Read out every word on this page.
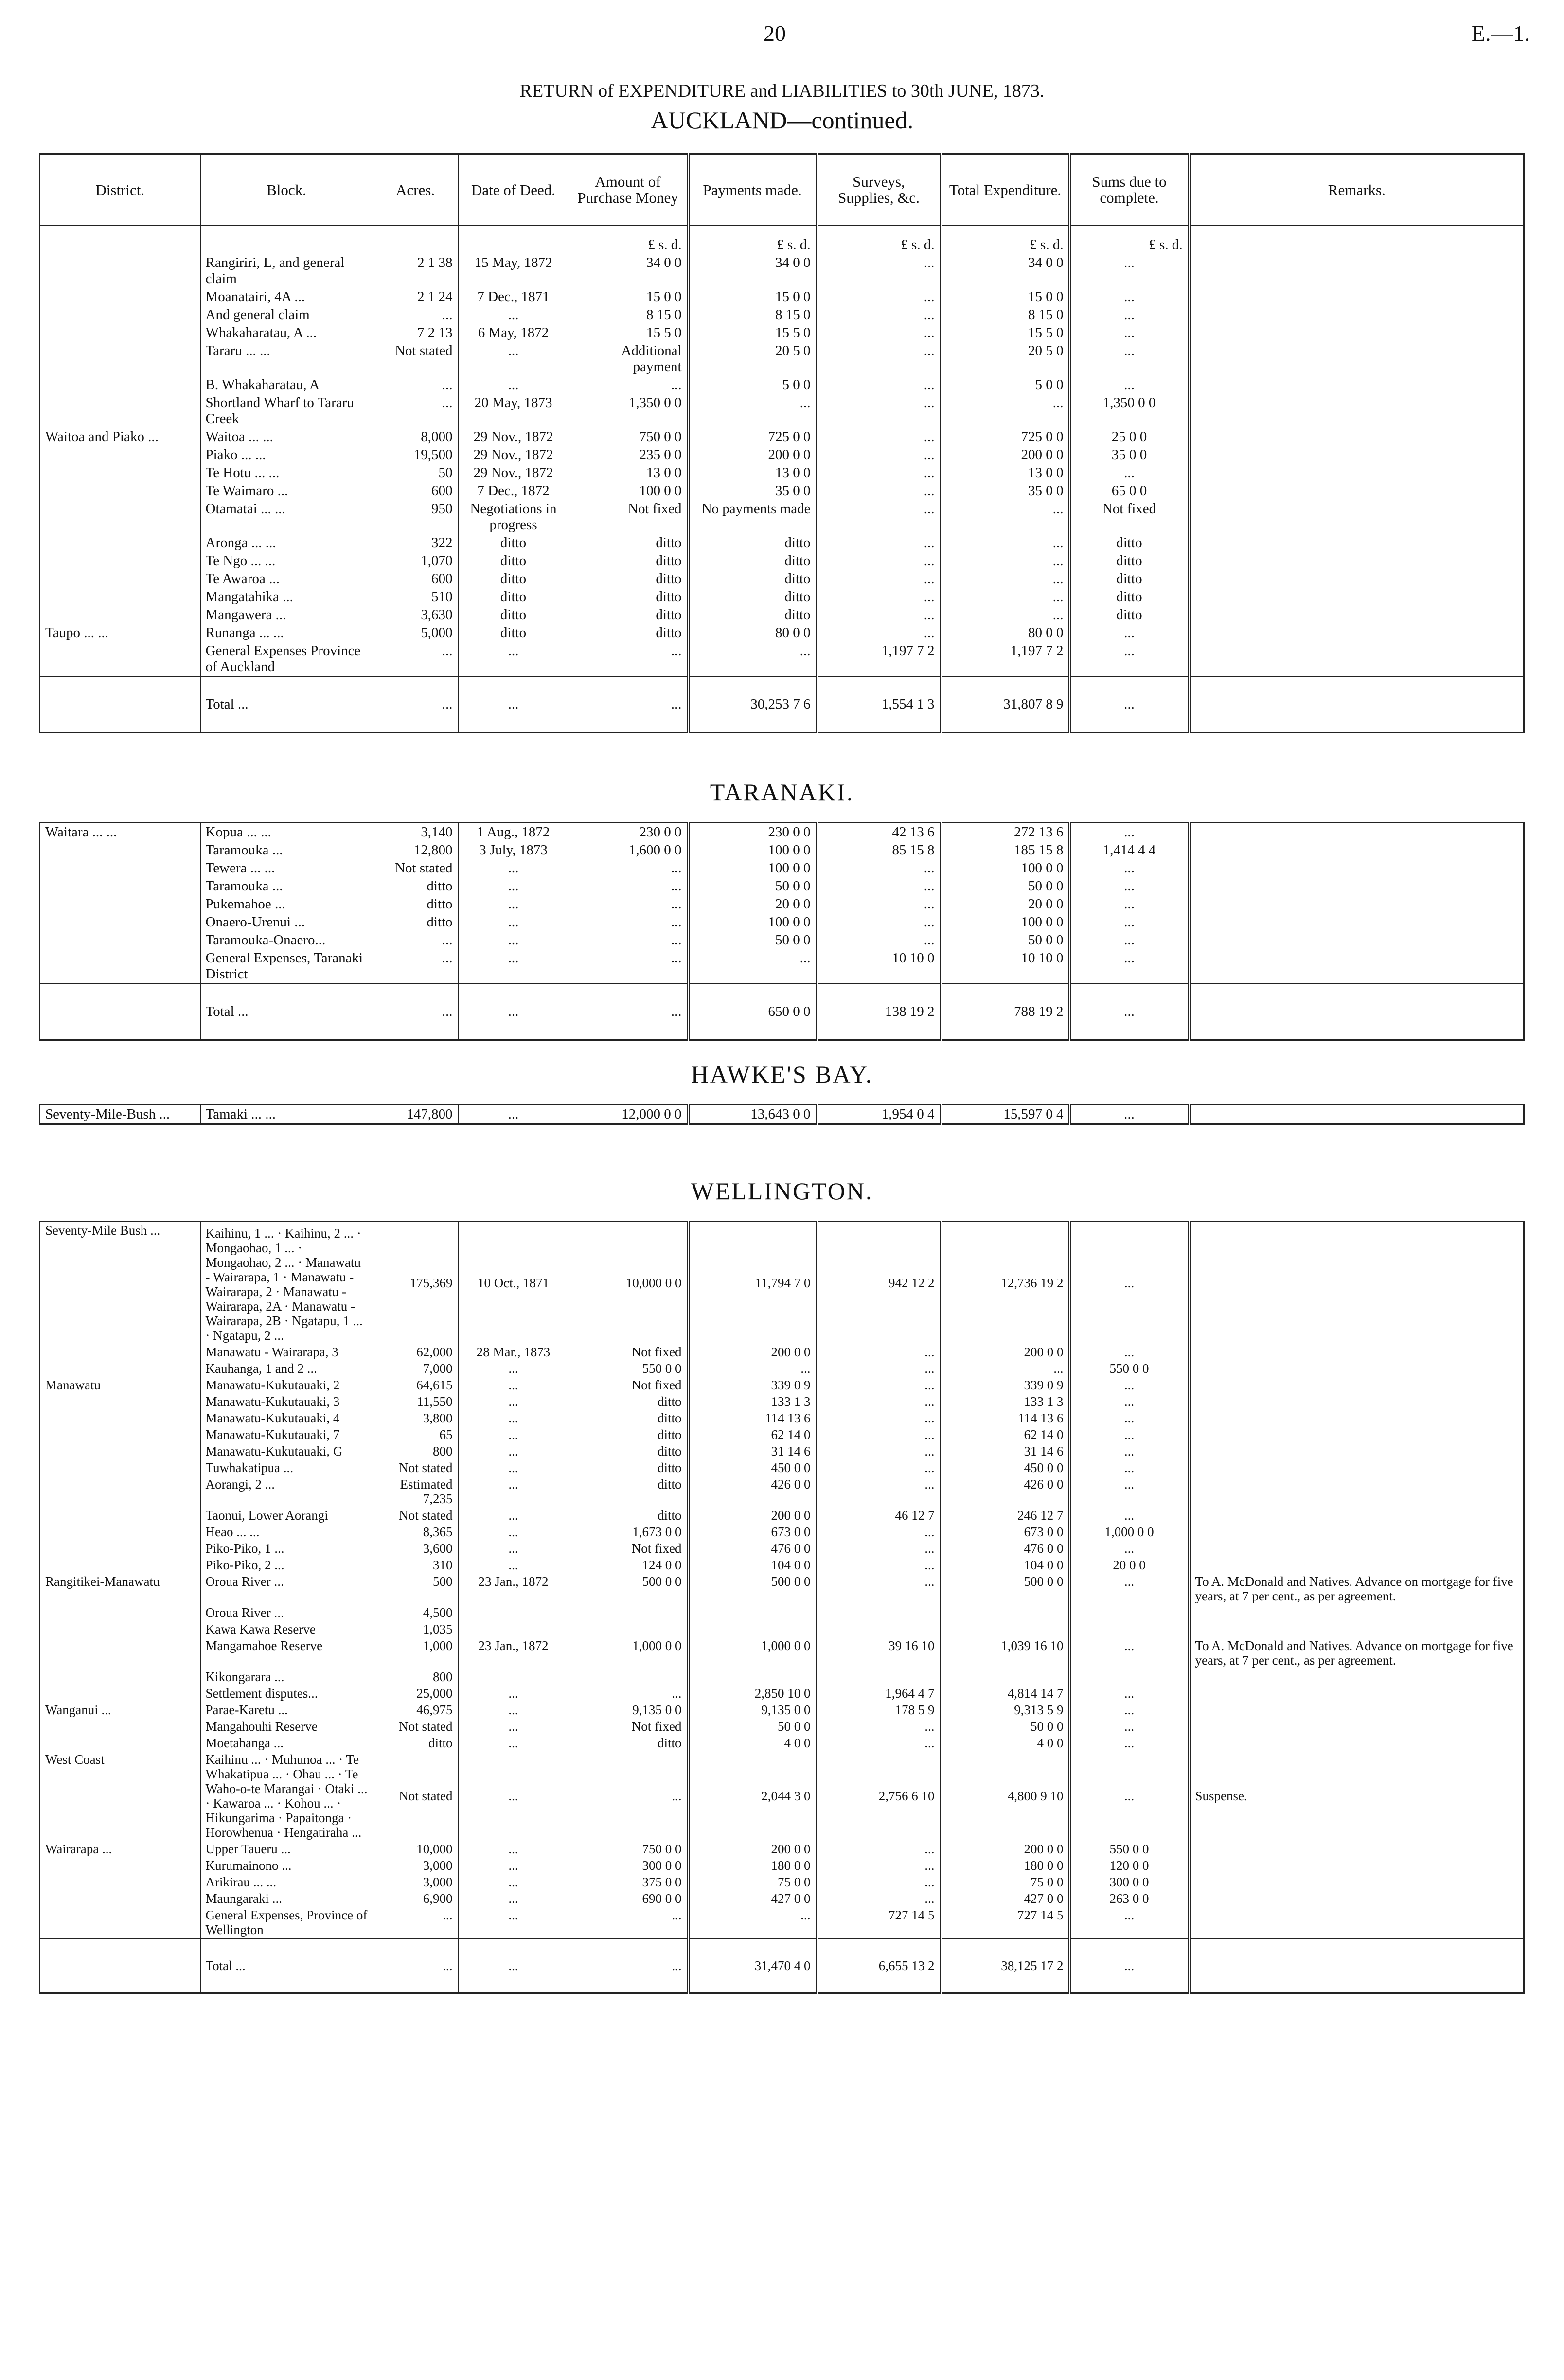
20	E.—1.
RETURN of EXPENDITURE and LIABILITIES to 30th JUNE, 1873.
AUCKLAND—continued.
District.	Block.	Acres.	Date of Deed.	Amount of Purchase Money	Payments made.	Surveys, Supplies, &c.	Total Expenditure.	Sums due to complete.	Remarks.
				£ s. d.	£ s. d.	£ s. d.	£ s. d.	£ s. d.	
	Rangiriri, L, and general claim	2 1 38	15 May, 1872	34 0 0	34 0 0	...	34 0 0	...	
	Moanatairi, 4A ...	2 1 24	7 Dec., 1871	15 0 0	15 0 0	...	15 0 0	...	
	And general claim	...	...	8 15 0	8 15 0	...	8 15 0	...	
	Whakaharatau, A ...	7 2 13	6 May, 1872	15 5 0	15 5 0	...	15 5 0	...	
	Tararu ... ...	Not stated	...	Additional payment	20 5 0	...	20 5 0	...	
	B. Whakaharatau, A	...	...	...	5 0 0	...	5 0 0	...	
	Shortland Wharf to Tararu Creek	...	20 May, 1873	1,350 0 0	...	...	...	1,350 0 0	
Waitoa and Piako ...	Waitoa ... ...	8,000	29 Nov., 1872	750 0 0	725 0 0	...	725 0 0	25 0 0	
	Piako ... ...	19,500	29 Nov., 1872	235 0 0	200 0 0	...	200 0 0	35 0 0	
	Te Hotu ... ...	50	29 Nov., 1872	13 0 0	13 0 0	...	13 0 0	...	
	Te Waimaro ...	600	7 Dec., 1872	100 0 0	35 0 0	...	35 0 0	65 0 0	
	Otamatai ... ...	950	Negotiations in progress	Not fixed	No payments made	...	...	Not fixed	
	Aronga ... ...	322	ditto	ditto	ditto	...	...	ditto	
	Te Ngo ... ...	1,070	ditto	ditto	ditto	...	...	ditto	
	Te Awaroa ...	600	ditto	ditto	ditto	...	...	ditto	
	Mangatahika ...	510	ditto	ditto	ditto	...	...	ditto	
	Mangawera ...	3,630	ditto	ditto	ditto	...	...	ditto	
Taupo ... ...	Runanga ... ...	5,000	ditto	ditto	80 0 0	...	80 0 0	...	
	General Expenses Province of Auckland	...	...	...	...	1,197 7 2	1,197 7 2	...	
	Total ...	...	...	...	30,253 7 6	1,554 1 3	31,807 8 9	...	
TARANAKI.
Waitara ... ...	Kopua ... ...	3,140	1 Aug., 1872	230 0 0	230 0 0	42 13 6	272 13 6	...	
	Taramouka ...	12,800	3 July, 1873	1,600 0 0	100 0 0	85 15 8	185 15 8	1,414 4 4	
	Tewera ... ...	Not stated	...	...	100 0 0	...	100 0 0	...	
	Taramouka ...	ditto	...	...	50 0 0	...	50 0 0	...	
	Pukemahoe ...	ditto	...	...	20 0 0	...	20 0 0	...	
	Onaero-Urenui ...	ditto	...	...	100 0 0	...	100 0 0	...	
	Taramouka-Onaero...	...	...	...	50 0 0	...	50 0 0	...	
	General Expenses, Taranaki District	...	...	...	...	10 10 0	10 10 0	...	
	Total ...	...	...	...	650 0 0	138 19 2	788 19 2	...	
HAWKE'S BAY.
Seventy-Mile-Bush ...	Tamaki ... ...	147,800	...	12,000 0 0	13,643 0 0	1,954 0 4	15,597 0 4	...	
WELLINGTON.
Seventy-Mile Bush ...	Kaihinu, 1 ... · Kaihinu, 2 ... · Mongaohao, 1 ... · Mongaohao, 2 ... · Manawatu - Wairarapa, 1 · Manawatu - Wairarapa, 2 · Manawatu - Wairarapa, 2A · Manawatu - Wairarapa, 2B · Ngatapu, 1 ... · Ngatapu, 2 ...	175,369	10 Oct., 1871	10,000 0 0	11,794 7 0	942 12 2	12,736 19 2	...	
	Manawatu - Wairarapa, 3	62,000	28 Mar., 1873	Not fixed	200 0 0	...	200 0 0	...	
	Kauhanga, 1 and 2 ...	7,000	...	550 0 0	...	...	...	550 0 0	
Manawatu	Manawatu-Kukutauaki, 2	64,615	...	Not fixed	339 0 9	...	339 0 9	...	
	Manawatu-Kukutauaki, 3	11,550	...	ditto	133 1 3	...	133 1 3	...	
	Manawatu-Kukutauaki, 4	3,800	...	ditto	114 13 6	...	114 13 6	...	
	Manawatu-Kukutauaki, 7	65	...	ditto	62 14 0	...	62 14 0	...	
	Manawatu-Kukutauaki, G	800	...	ditto	31 14 6	...	31 14 6	...	
	Tuwhakatipua ...	Not stated	...	ditto	450 0 0	...	450 0 0	...	
	Aorangi, 2 ...	Estimated 7,235	...	ditto	426 0 0	...	426 0 0	...	
	Taonui, Lower Aorangi	Not stated	...	ditto	200 0 0	46 12 7	246 12 7	...	
	Heao ... ...	8,365	...	1,673 0 0	673 0 0	...	673 0 0	1,000 0 0	
	Piko-Piko, 1 ...	3,600	...	Not fixed	476 0 0	...	476 0 0	...	
	Piko-Piko, 2 ...	310	...	124 0 0	104 0 0	...	104 0 0	20 0 0	
Rangitikei-Manawatu	Oroua River ...	500	23 Jan., 1872	500 0 0	500 0 0	...	500 0 0	...	To A. McDonald and Natives. Advance on mortgage for five years, at 7 per cent., as per agreement.
	Oroua River ...	4,500							
	Kawa Kawa Reserve	1,035							
	Mangamahoe Reserve	1,000	23 Jan., 1872	1,000 0 0	1,000 0 0	39 16 10	1,039 16 10	...	To A. McDonald and Natives. Advance on mortgage for five years, at 7 per cent., as per agreement.
	Kikongarara ...	800							
	Settlement disputes...	25,000	...	...	2,850 10 0	1,964 4 7	4,814 14 7	...	
Wanganui ...	Parae-Karetu ...	46,975	...	9,135 0 0	9,135 0 0	178 5 9	9,313 5 9	...	
	Mangahouhi Reserve	Not stated	...	Not fixed	50 0 0	...	50 0 0	...	
	Moetahanga ...	ditto	...	ditto	4 0 0	...	4 0 0	...	
West Coast	Kaihinu ... · Muhunoa ... · Te Whakatipua ... · Ohau ... · Te Waho-o-te Marangai · Otaki ... · Kawaroa ... · Kohou ... · Hikungarima · Papaitonga · Horowhenua · Hengatiraha ...	Not stated	...	...	2,044 3 0	2,756 6 10	4,800 9 10	...	Suspense.
Wairarapa ...	Upper Taueru ...	10,000	...	750 0 0	200 0 0	...	200 0 0	550 0 0	
	Kurumainono ...	3,000	...	300 0 0	180 0 0	...	180 0 0	120 0 0	
	Arikirau ... ...	3,000	...	375 0 0	75 0 0	...	75 0 0	300 0 0	
	Maungaraki ...	6,900	...	690 0 0	427 0 0	...	427 0 0	263 0 0	
	General Expenses, Province of Wellington	...	...	...	...	727 14 5	727 14 5	...	
	Total ...	...	...	...	31,470 4 0	6,655 13 2	38,125 17 2	...	
